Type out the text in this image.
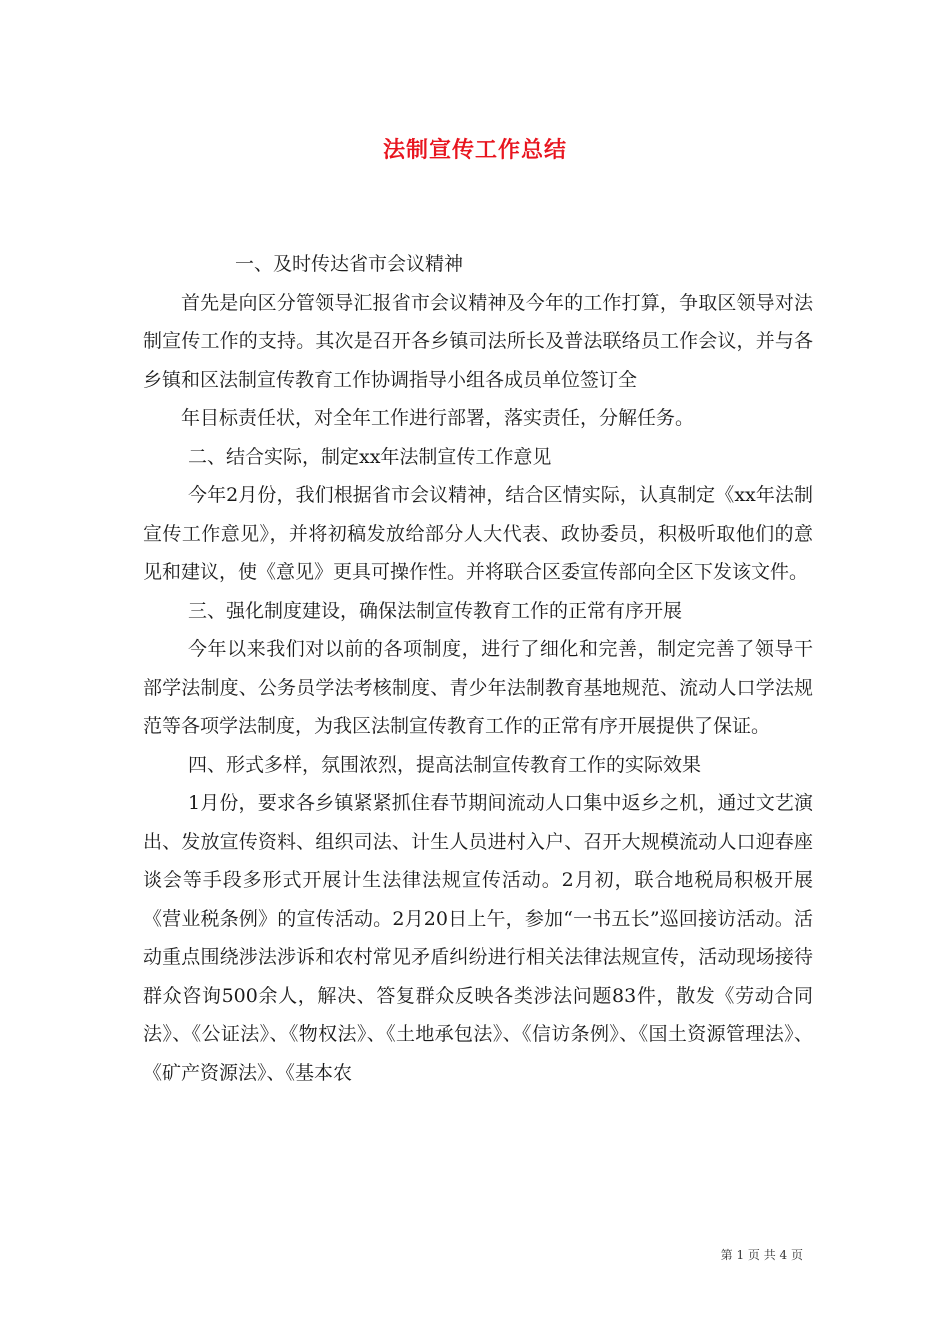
法制宣传工作总结

一、及时传达省市会议精神

首先是向区分管领导汇报省市会议精神及今年的工作打算，争取区领导对法制宣传工作的支持。其次是召开各乡镇司法所长及普法联络员工作会议，并与各乡镇和区法制宣传教育工作协调指导小组各成员单位签订全

年目标责任状，对全年工作进行部署，落实责任，分解任务。

二、结合实际，制定xx年法制宣传工作意见

今年2月份，我们根据省市会议精神，结合区情实际，认真制定《xx年法制宣传工作意见》，并将初稿发放给部分人大代表、政协委员，积极听取他们的意见和建议，使《意见》更具可操作性。并将联合区委宣传部向全区下发该文件。

三、强化制度建设，确保法制宣传教育工作的正常有序开展

今年以来我们对以前的各项制度，进行了细化和完善，制定完善了领导干部学法制度、公务员学法考核制度、青少年法制教育基地规范、流动人口学法规范等各项学法制度，为我区法制宣传教育工作的正常有序开展提供了保证。

四、形式多样，氛围浓烈，提高法制宣传教育工作的实际效果

1月份，要求各乡镇紧紧抓住春节期间流动人口集中返乡之机，通过文艺演出、发放宣传资料、组织司法、计生人员进村入户、召开大规模流动人口迎春座谈会等手段多形式开展计生法律法规宣传活动。2月初，联合地税局积极开展《营业税条例》的宣传活动。2月20日上午，参加“一书五长”巡回接访活动。活动重点围绕涉法涉诉和农村常见矛盾纠纷进行相关法律法规宣传，活动现场接待群众咨询500余人，解决、答复群众反映各类涉法问题83件，散发《劳动合同法》、《公证法》、《物权法》、《土地承包法》、《信访条例》、《国土资源管理法》、《矿产资源法》、《基本农

第 1 页 共 4 页
